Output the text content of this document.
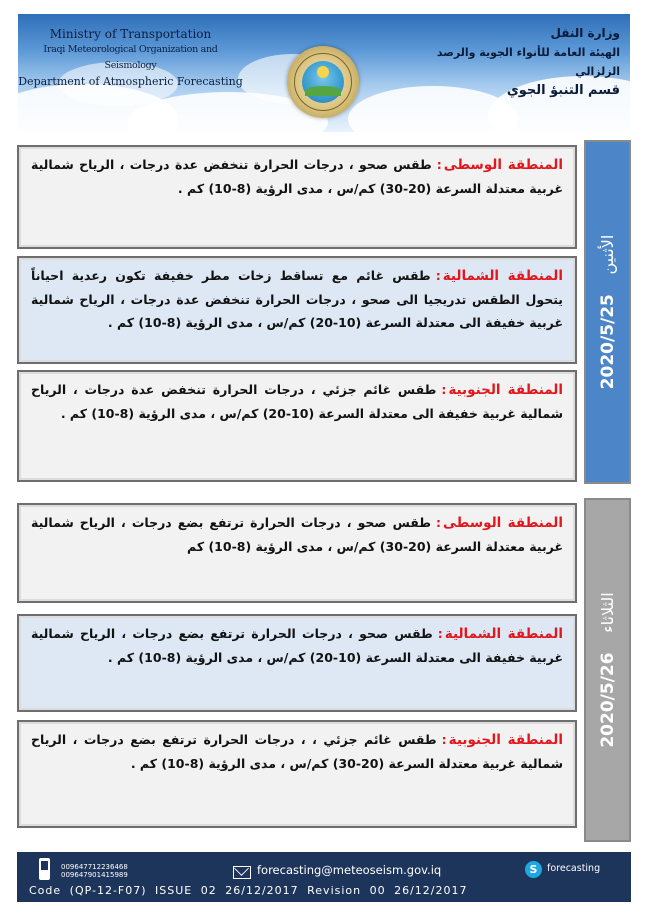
Ministry of Transportation
Iraqi Meteorological Organization and Seismology
Department of Atmospheric Forecasting
وزارة النقل
الهيئة العامة للأنواء الجوية والرصد الزلزالي
قسم التنبؤ الجوي
2020/5/25 الأثنين
المنطقة الوسطى:طقس صحو ، درجات الحرارة تنخفض عدة درجات ، الرياح شمالية غربية معتدلة السرعة (20-30) كم/س ، مدى الرؤية (8-10) كم .
المنطقة الشمالية:طقس غائم مع تساقط زخات مطر خفيفة تكون رعدية احياناً يتحول الطقس تدريجيا الى صحو ، درجات الحرارة تنخفض عدة درجات ، الرياح شمالية غربية خفيفة الى معتدلة السرعة (10-20) كم/س ، مدى الرؤية (8-10) كم .
المنطقة الجنوبية:طقس غائم جزئي ، درجات الحرارة تنخفض عدة درجات ، الرياح شمالية غربية خفيفة الى معتدلة السرعة (10-20) كم/س ، مدى الرؤية (8-10) كم .
2020/5/26 الثلاثاء
المنطقة الوسطى:طقس صحو ، درجات الحرارة ترتفع بضع درجات ، الرياح شمالية غربية معتدلة السرعة (20-30) كم/س ، مدى الرؤية (8-10) كم
المنطقة الشمالية:طقس صحو ، درجات الحرارة ترتفع بضع درجات ، الرياح شمالية غربية خفيفة الى معتدلة السرعة (10-20) كم/س ، مدى الرؤية (8-10) كم .
المنطقة الجنوبية:طقس غائم جزئي ، ، درجات الحرارة ترتفع بضع درجات ، الرياح شمالية غربية معتدلة السرعة (20-30) كم/س ، مدى الرؤية (8-10) كم .
009647712236468
009647901415989	forecasting@meteoseism.gov.iq	S	forecasting
Code (QP-12-F07) ISSUE 02 26/12/2017 Revision 00 26/12/2017
